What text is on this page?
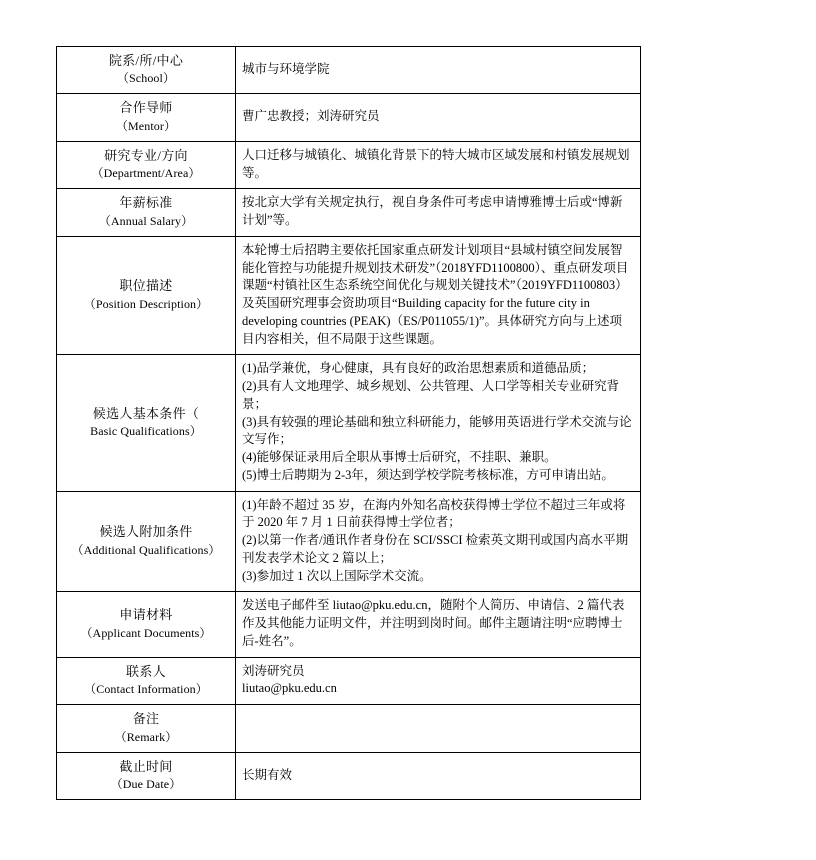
院系/所/中心
（School）	城市与环境学院

合作导师
（Mentor）	曹广忠教授；刘涛研究员

研究专业/方向
（Department/Area）	人口迁移与城镇化、城镇化背景下的特大城市区域发展和村镇发展规划等。

年薪标准
（Annual Salary）	按北京大学有关规定执行，视自身条件可考虑申请博雅博士后或“博新计划”等。

职位描述
（Position Description）	本轮博士后招聘主要依托国家重点研发计划项目“县域村镇空间发展智能化管控与功能提升规划技术研发”（2018YFD1100800）、重点研发项目课题“村镇社区生态系统空间优化与规划关键技术”（2019YFD1100803）及英国研究理事会资助项目“Building capacity for the future city in developing countries (PEAK)（ES/P011055/1)”。具体研究方向与上述项目内容相关，但不局限于这些课题。

候选人基本条件（
Basic Qualifications）	(1)品学兼优，身心健康，具有良好的政治思想素质和道德品质；
(2)具有人文地理学、城乡规划、公共管理、人口学等相关专业研究背景；
(3)具有较强的理论基础和独立科研能力，能够用英语进行学术交流与论文写作；
(4)能够保证录用后全职从事博士后研究，不挂职、兼职。
(5)博士后聘期为 2-3年，须达到学校学院考核标准，方可申请出站。

候选人附加条件
（Additional Qualifications）	(1)年龄不超过 35 岁，在海内外知名高校获得博士学位不超过三年或将于 2020 年 7 月 1 日前获得博士学位者；
(2)以第一作者/通讯作者身份在 SCI/SSCI 检索英文期刊或国内高水平期刊发表学术论文 2 篇以上；
(3)参加过 1 次以上国际学术交流。

申请材料
（Applicant Documents）	发送电子邮件至 liutao@pku.edu.cn，随附个人简历、申请信、2 篇代表作及其他能力证明文件，并注明到岗时间。邮件主题请注明“应聘博士后-姓名”。

联系人
（Contact Information）	刘涛研究员
liutao@pku.edu.cn

备注
（Remark）	

截止时间
（Due Date）	长期有效
